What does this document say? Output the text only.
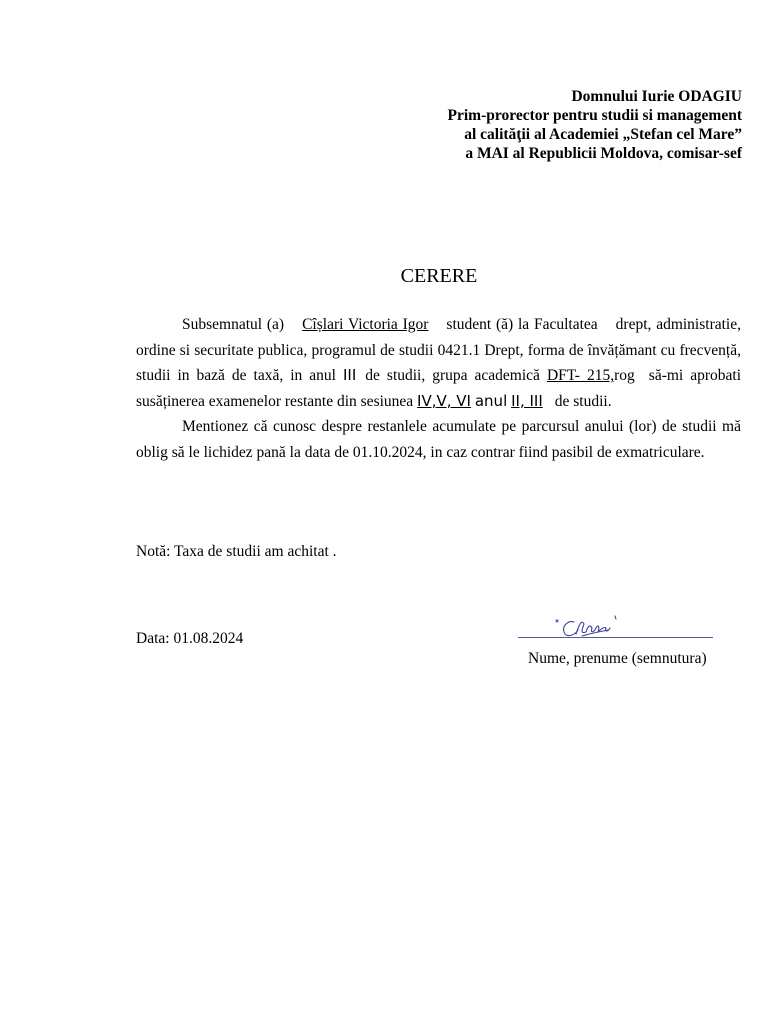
Domnului Iurie ODAGIU
Prim-prorector pentru studii si management
al calităţii al Academiei „Stefan cel Mare”
a MAI al Republicii Moldova, comisar-sef
CERERE

Subsemnatul (a) Cîșlari Victoria Igor student (ă) la Facultatea drept, administratie, ordine si securitate publica, programul de studii 0421.1 Drept, forma de învățămant cu frecvență, studii in bază de taxă, in anul III de studii, grupa academică DFT- 215,rog să-mi aprobati susăținerea examenelor restante din sesiunea IV,V, VI anul II, III de studii.

Mentionez că cunosc despre restanlele acumulate pe parcursul anului (lor) de studii mă oblig să le lichidez pană la data de 01.10.2024, in caz contrar fiind pasibil de exmatriculare.

Notă: Taxa de studii am achitat .
Data: 01.08.2024
Nume, prenume (semnutura)
